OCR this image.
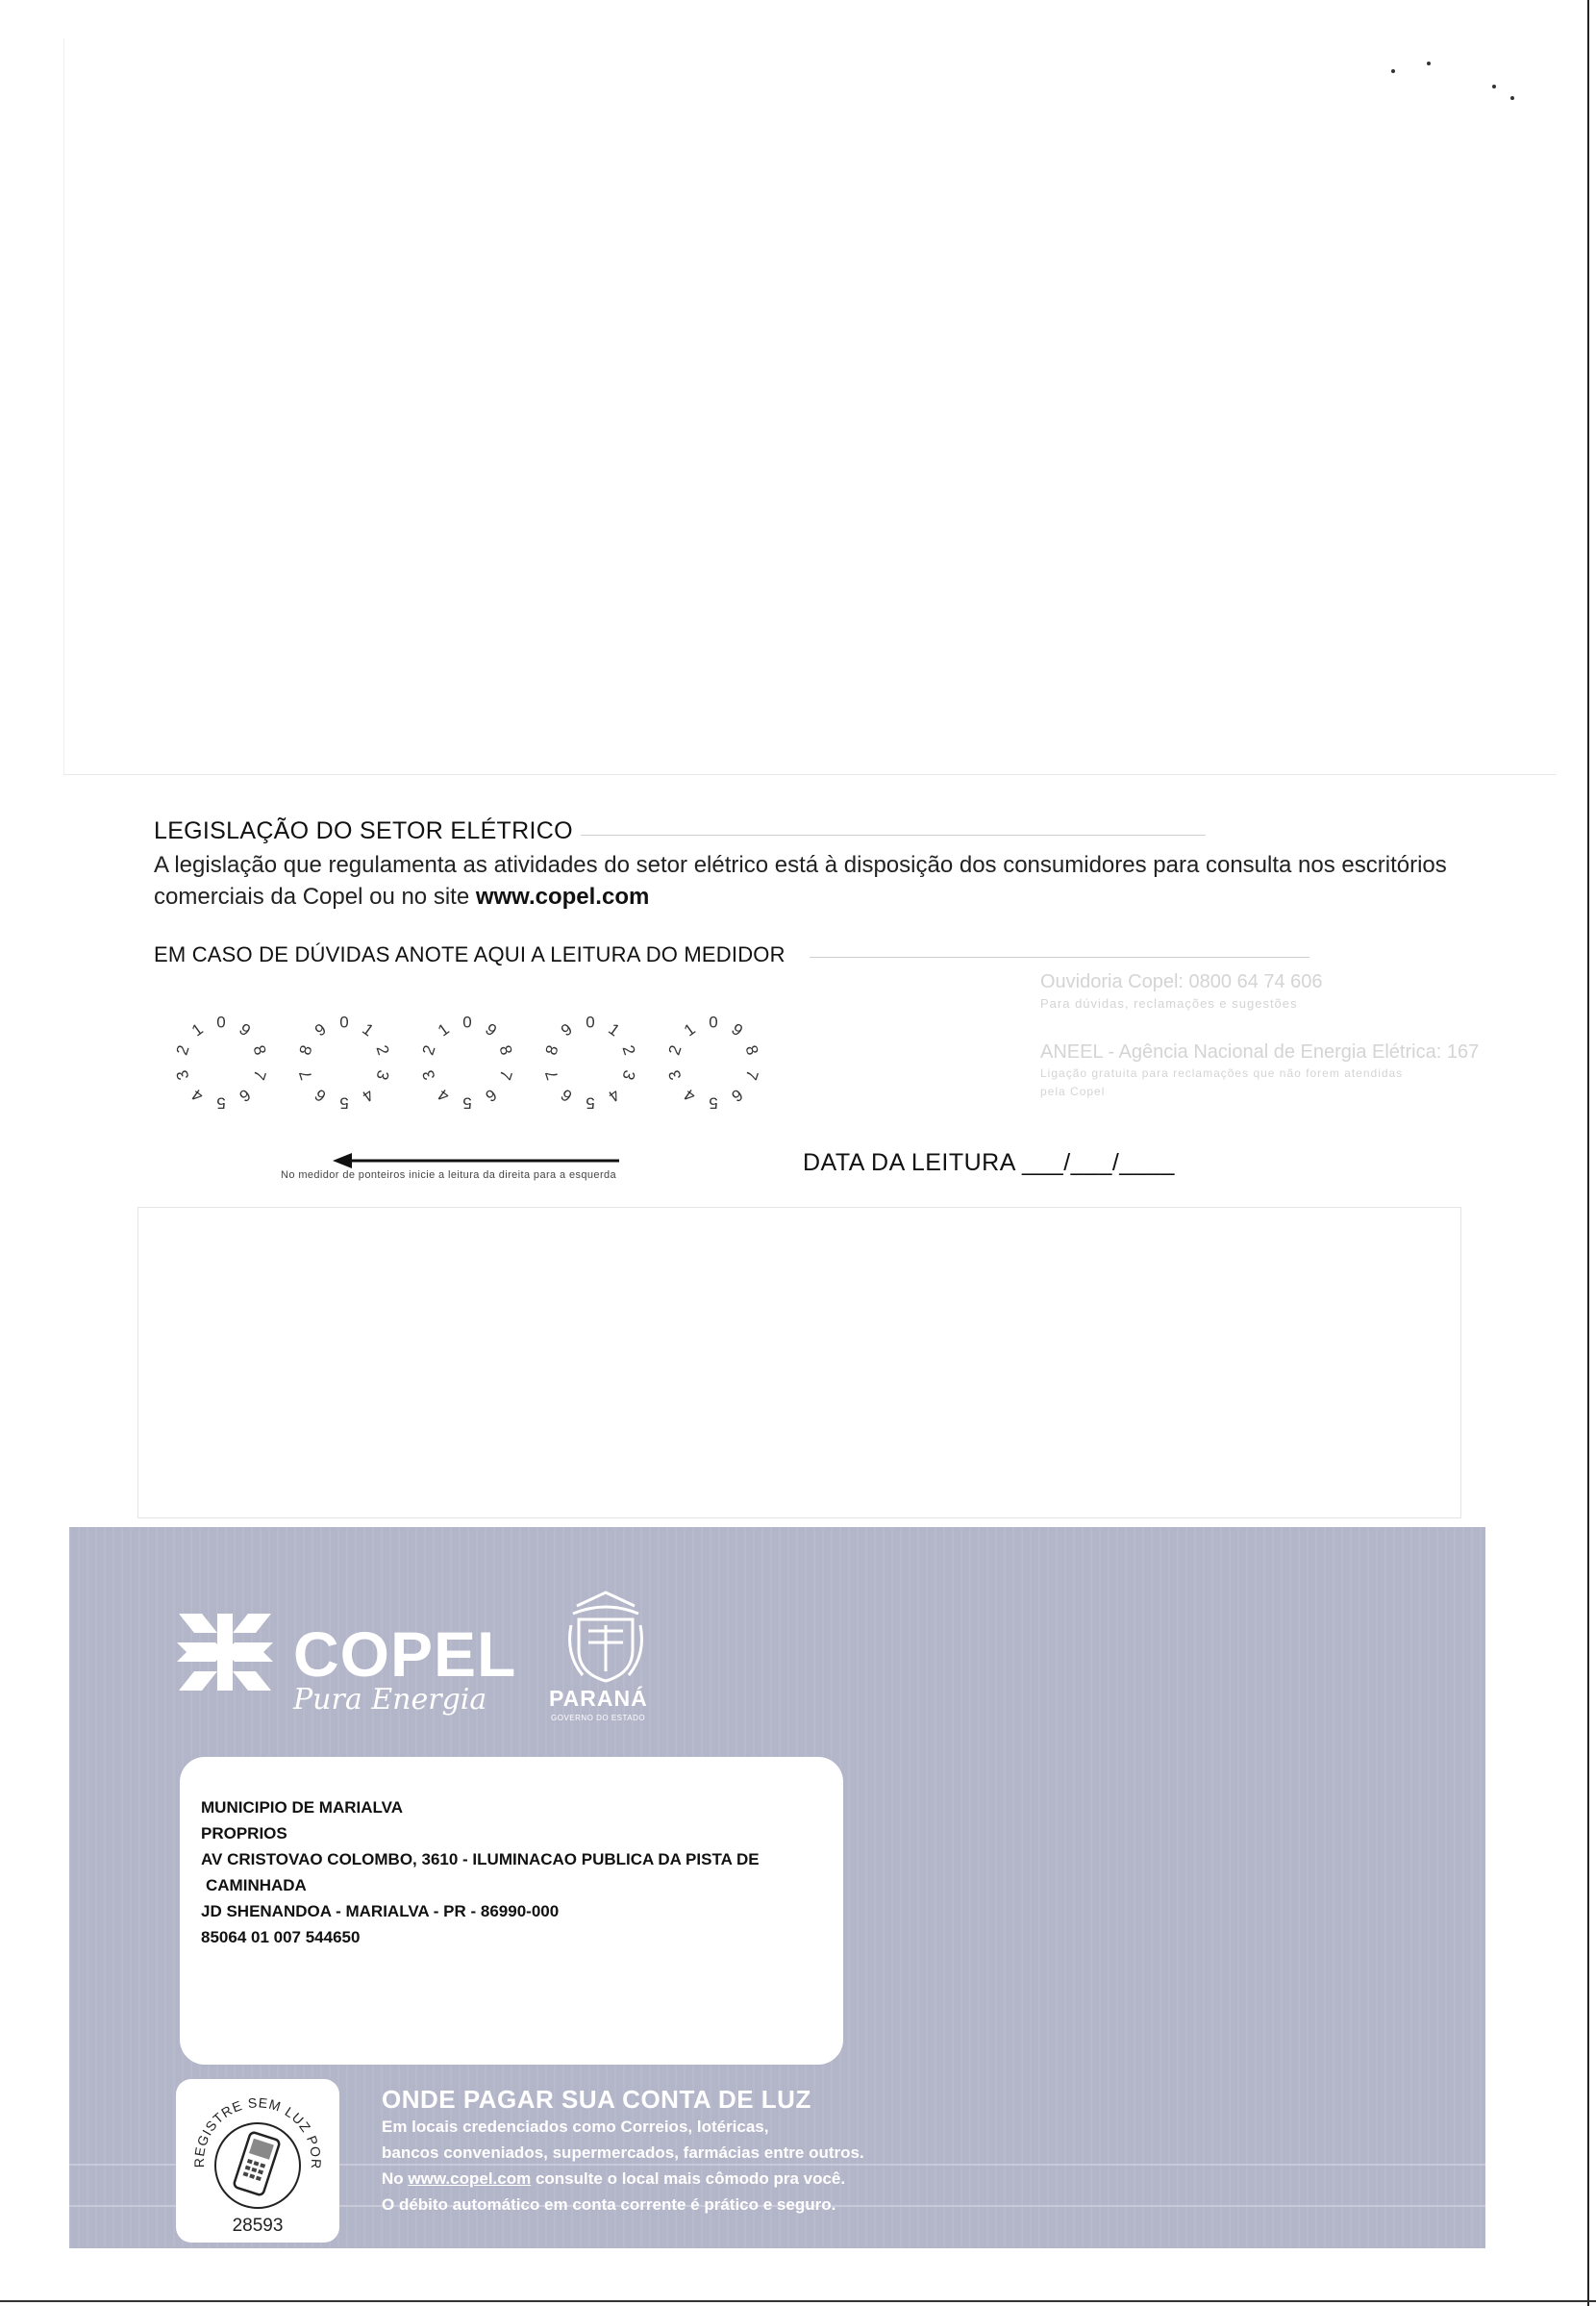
LEGISLAÇÃO DO SETOR ELÉTRICO
A legislação que regulamenta as atividades do setor elétrico está à disposição dos consumidores para consulta nos escritórios comerciais da Copel ou no site www.copel.com
EM CASO DE DÚVIDAS ANOTE AQUI A LEITURA DO MEDIDOR
Ouvidoria Copel: 0800 64 74 606
Para dúvidas, reclamações e sugestões
ANEEL - Agência Nacional de Energia Elétrica: 167
Ligação gratuita para reclamações que não forem atendidas
pela Copel
0 9
8
7
6
5
4
3
2
1	0 1
2
3
4
5
6
7
8
9	0 9
8
7
6
5
4
3
2
1	0 1
2
3
4
5
6
7
8
9	0 9
8
7
6
5
4
3
2
1
No medidor de ponteiros inicie a leitura da direita para a esquerda	DATA DA LEITURA ___/___/____
COPEL
Pura Energia	PARANÁ
GOVERNO DO ESTADO
MUNICIPIO DE MARIALVA
PROPRIOS
AV CRISTOVAO COLOMBO, 3610 - ILUMINACAO PUBLICA DA PISTA DE
CAMINHADA
JD SHENANDOA - MARIALVA - PR - 86990-000
85064 01 007 544650
REGISTRE SEM LUZ POR
28593
ONDE PAGAR SUA CONTA DE LUZ
Em locais credenciados como Correios, lotéricas,
bancos conveniados, supermercados, farmácias entre outros.
No www.copel.com consulte o local mais cômodo pra você.
O débito automático em conta corrente é prático e seguro.
